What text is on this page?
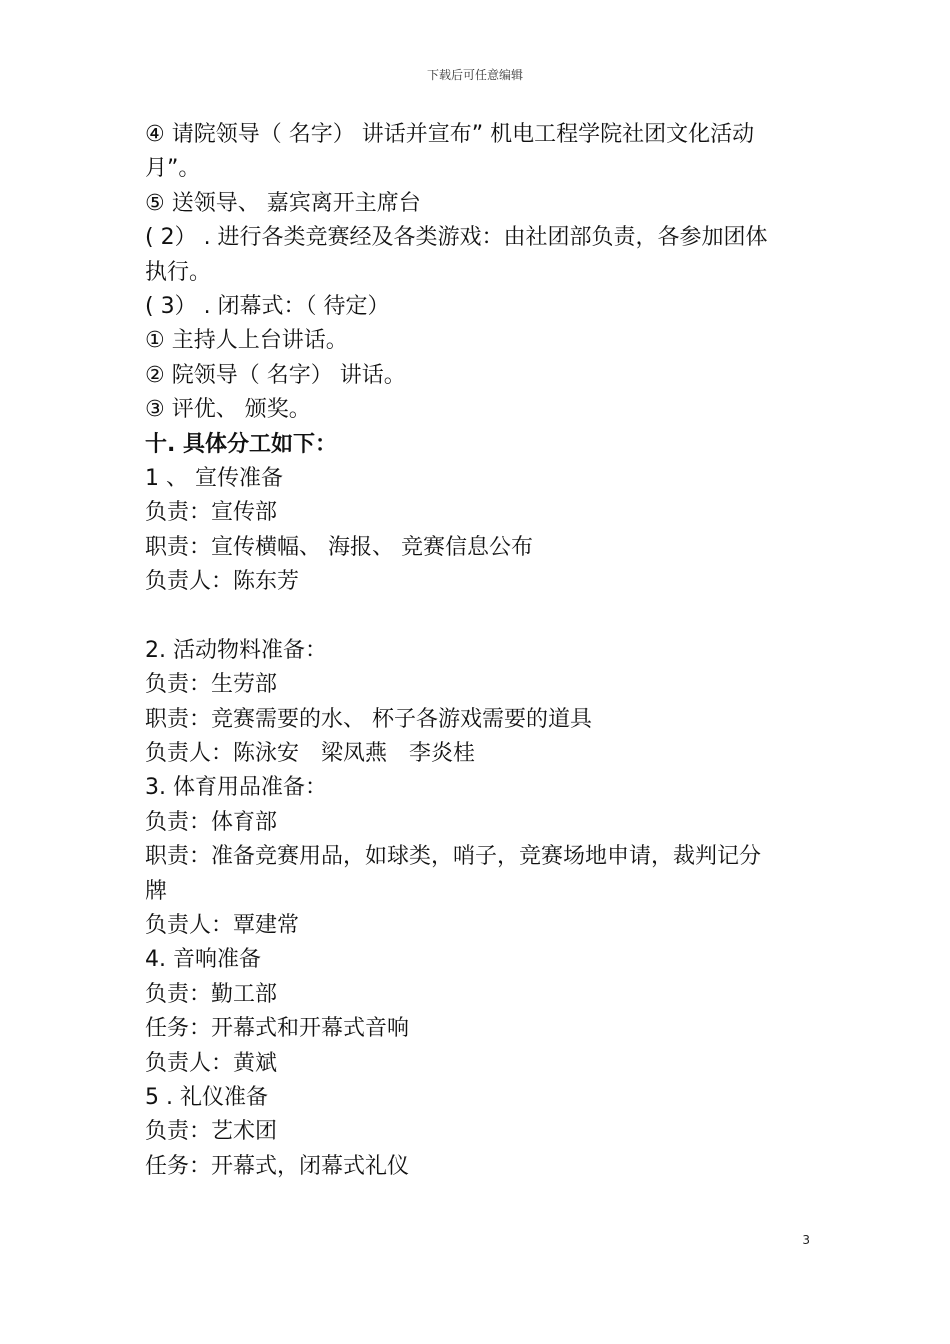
下载后可任意编辑
④ 请院领导（ 名字） 讲话并宣布” 机电工程学院社团文化活动
月”。
⑤ 送领导、 嘉宾离开主席台
( 2） . 进行各类竞赛经及各类游戏：由社团部负责，各参加团体
执行。
( 3） . 闭幕式：（ 待定）
① 主持人上台讲话。
② 院领导（ 名字） 讲话。
③ 评优、 颁奖。
十. 具体分工如下：
1 、 宣传准备
负责：宣传部
职责：宣传横幅、 海报、 竞赛信息公布
负责人：陈东芳
2. 活动物料准备：
负责：生劳部
职责：竞赛需要的水、 杯子各游戏需要的道具
负责人：陈泳安　梁凤燕　李炎桂
3. 体育用品准备：
负责：体育部
职责：准备竞赛用品，如球类，哨子，竞赛场地申请，裁判记分
牌
负责人：覃建常
4. 音响准备
负责：勤工部
任务：开幕式和开幕式音响
负责人：黄斌
5 . 礼仪准备
负责：艺术团
任务：开幕式，闭幕式礼仪
3
